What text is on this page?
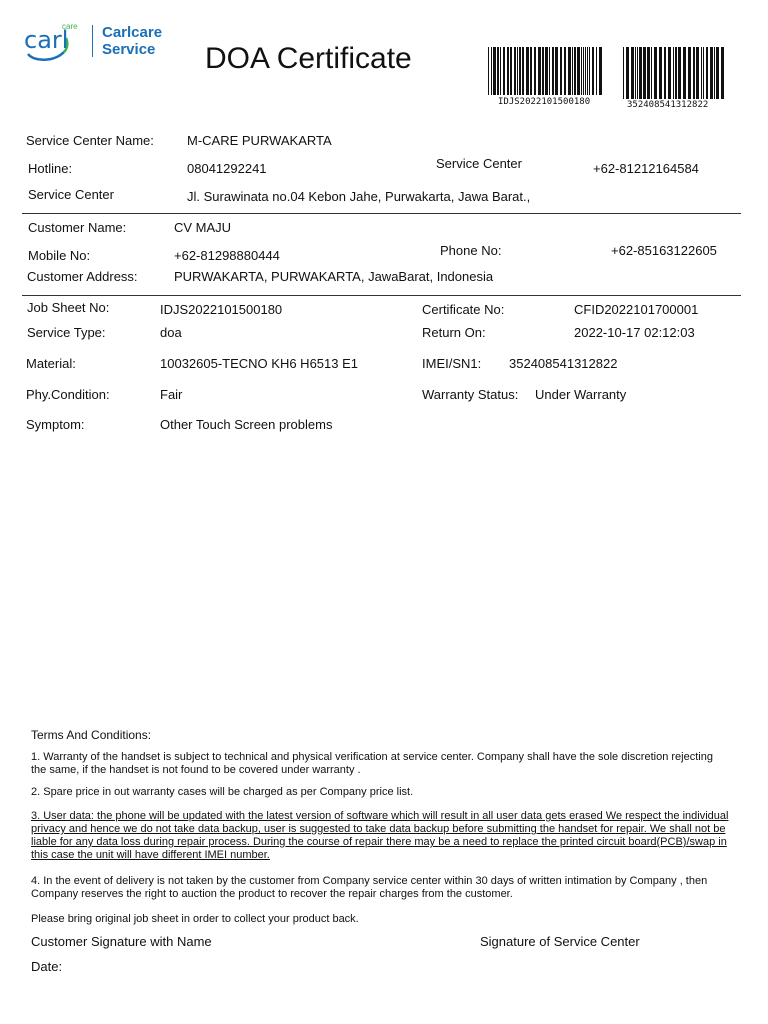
carl
care Carlcare
Service DOA Certificate
IDJS2022101500180	352408541312822
Service Center Name:	M-CARE PURWAKARTA
Hotline:	08041292241	Service Center	+62-81212164584
Service Center	Jl. Surawinata no.04 Kebon Jahe, Purwakarta, Jawa Barat.,
Customer Name:	CV MAJU
Mobile No:	+62-81298880444	Phone No:	+62-85163122605
Customer Address:	PURWAKARTA, PURWAKARTA, JawaBarat, Indonesia
Job Sheet No:	IDJS2022101500180	Certificate No:	CFID2022101700001
Service Type:	doa	Return On:	2022-10-17 02:12:03
Material:	10032605-TECNO KH6 H6513 E1	IMEI/SN1: 352408541312822
Phy.Condition:	Fair	Warranty Status: Under Warranty
Symptom:	Other Touch Screen problems
Terms And Conditions:
1. Warranty of the handset is subject to technical and physical verification at service center. Company shall have the sole discretion rejecting the same, if the handset is not found to be covered under warranty .
2. Spare price in out warranty cases will be charged as per Company price list.
3. User data: the phone will be updated with the latest version of software which will result in all user data gets erased We respect the individual privacy and hence we do not take data backup, user is suggested to take data backup before submitting the handset for repair. We shall not be liable for any data loss during repair process. During the course of repair there may be a need to replace the printed circuit board(PCB)/swap in this case the unit will have different IMEI number.
4. In the event of delivery is not taken by the customer from Company service center within 30 days of written intimation by Company , then Company reserves the right to auction the product to recover the repair charges from the customer.
Please bring original job sheet in order to collect your product back.
Customer Signature with Name	Signature of Service Center
Date:
